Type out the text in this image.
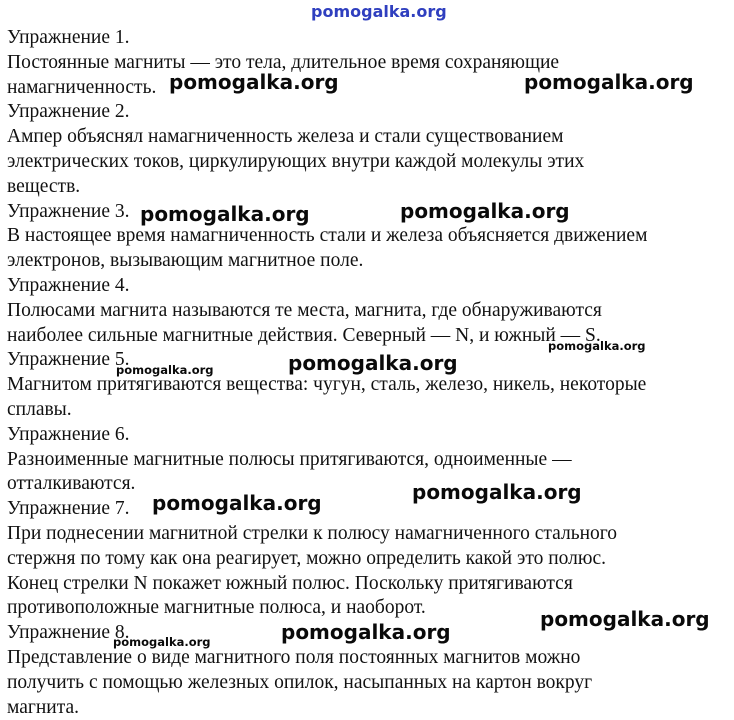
pomogalka.org

Упражнение 1.

Постоянные магниты — это тела, длительное время сохраняющие

намагниченность.

Упражнение 2.

Ампер объяснял намагниченность железа и стали существованием

электрических токов, циркулирующих внутри каждой молекулы этих

веществ.

Упражнение 3.

В настоящее время намагниченность стали и железа объясняется движением

электронов, вызывающим магнитное поле.

Упражнение 4.

Полюсами магнита называются те места, магнита, где обнаруживаются

наиболее сильные магнитные действия. Северный — N, и южный — S.

Упражнение 5.

Магнитом притягиваются вещества: чугун, сталь, железо, никель, некоторые

сплавы.

Упражнение 6.

Разноименные магнитные полюсы притягиваются, одноименные —

отталкиваются.

Упражнение 7.

При поднесении магнитной стрелки к полюсу намагниченного стального

стержня по тому как она реагирует, можно определить какой это полюс.

Конец стрелки N покажет южный полюс. Поскольку притягиваются

противоположные магнитные полюса, и наоборот.

Упражнение 8.

Представление о виде магнитного поля постоянных магнитов можно

получить с помощью железных опилок, насыпанных на картон вокруг

магнита.

pomogalka.org	pomogalka.org
pomogalka.org	pomogalka.org
pomogalka.org
pomogalka.org
pomogalka.org
pomogalka.org
pomogalka.org
pomogalka.org
pomogalka.org
pomogalka.org
